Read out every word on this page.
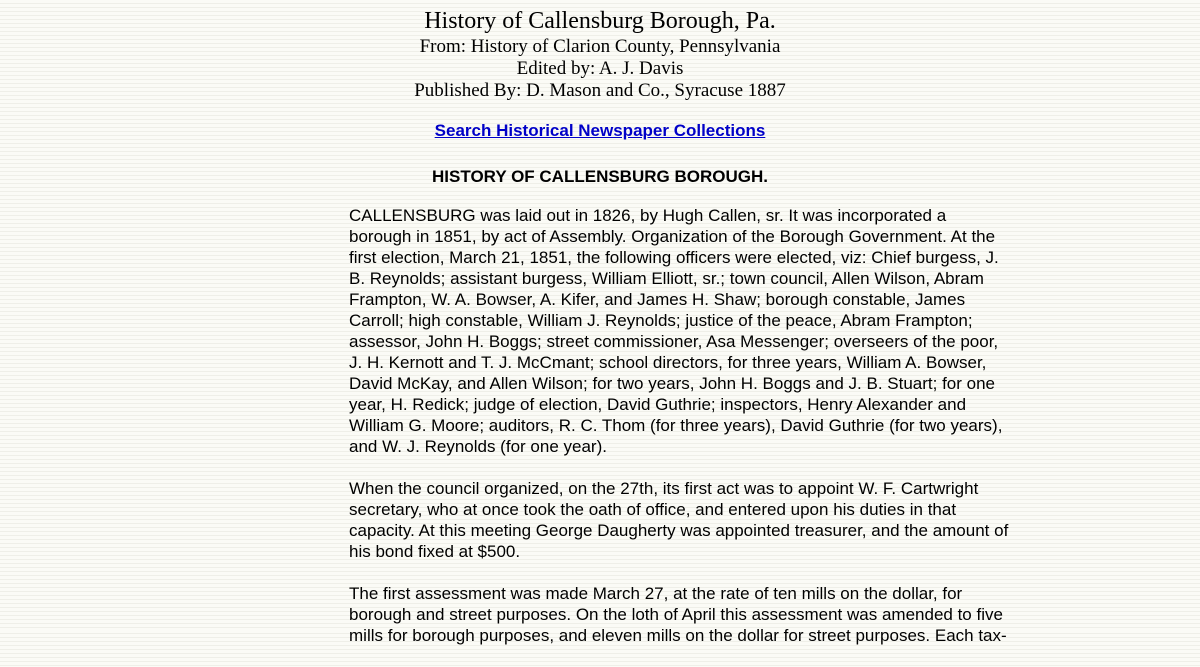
History of Callensburg Borough, Pa.
From: History of Clarion County, Pennsylvania
Edited by: A. J. Davis
Published By: D. Mason and Co., Syracuse 1887
Search Historical Newspaper Collections
HISTORY OF CALLENSBURG BOROUGH.

CALLENSBURG was laid out in 1826, by Hugh Callen, sr. It was incorporated a borough in 1851, by act of Assembly. Organization of the Borough Government. At the first election, March 21, 1851, the following officers were elected, viz: Chief burgess, J. B. Reynolds; assistant burgess, William Elliott, sr.; town council, Allen Wilson, Abram Frampton, W. A. Bowser, A. Kifer, and James H. Shaw; borough constable, James Carroll; high constable, William J. Reynolds; justice of the peace, Abram Frampton; assessor, John H. Boggs; street commissioner, Asa Messenger; overseers of the poor, J. H. Kernott and T. J. McCmant; school directors, for three years, William A. Bowser, David McKay, and Allen Wilson; for two years, John H. Boggs and J. B. Stuart; for one year, H. Redick; judge of election, David Guthrie; inspectors, Henry Alexander and William G. Moore; auditors, R. C. Thom (for three years), David Guthrie (for two years), and W. J. Reynolds (for one year).

When the council organized, on the 27th, its first act was to appoint W. F. Cartwright secretary, who at once took the oath of office, and entered upon his duties in that capacity. At this meeting George Daugherty was appointed treasurer, and the amount of his bond fixed at $500.

The first assessment was made March 27, at the rate of ten mills on the dollar, for borough and street purposes. On the loth of April this assessment was amended to five mills for borough purposes, and eleven mills on the dollar for street purposes. Each tax-
